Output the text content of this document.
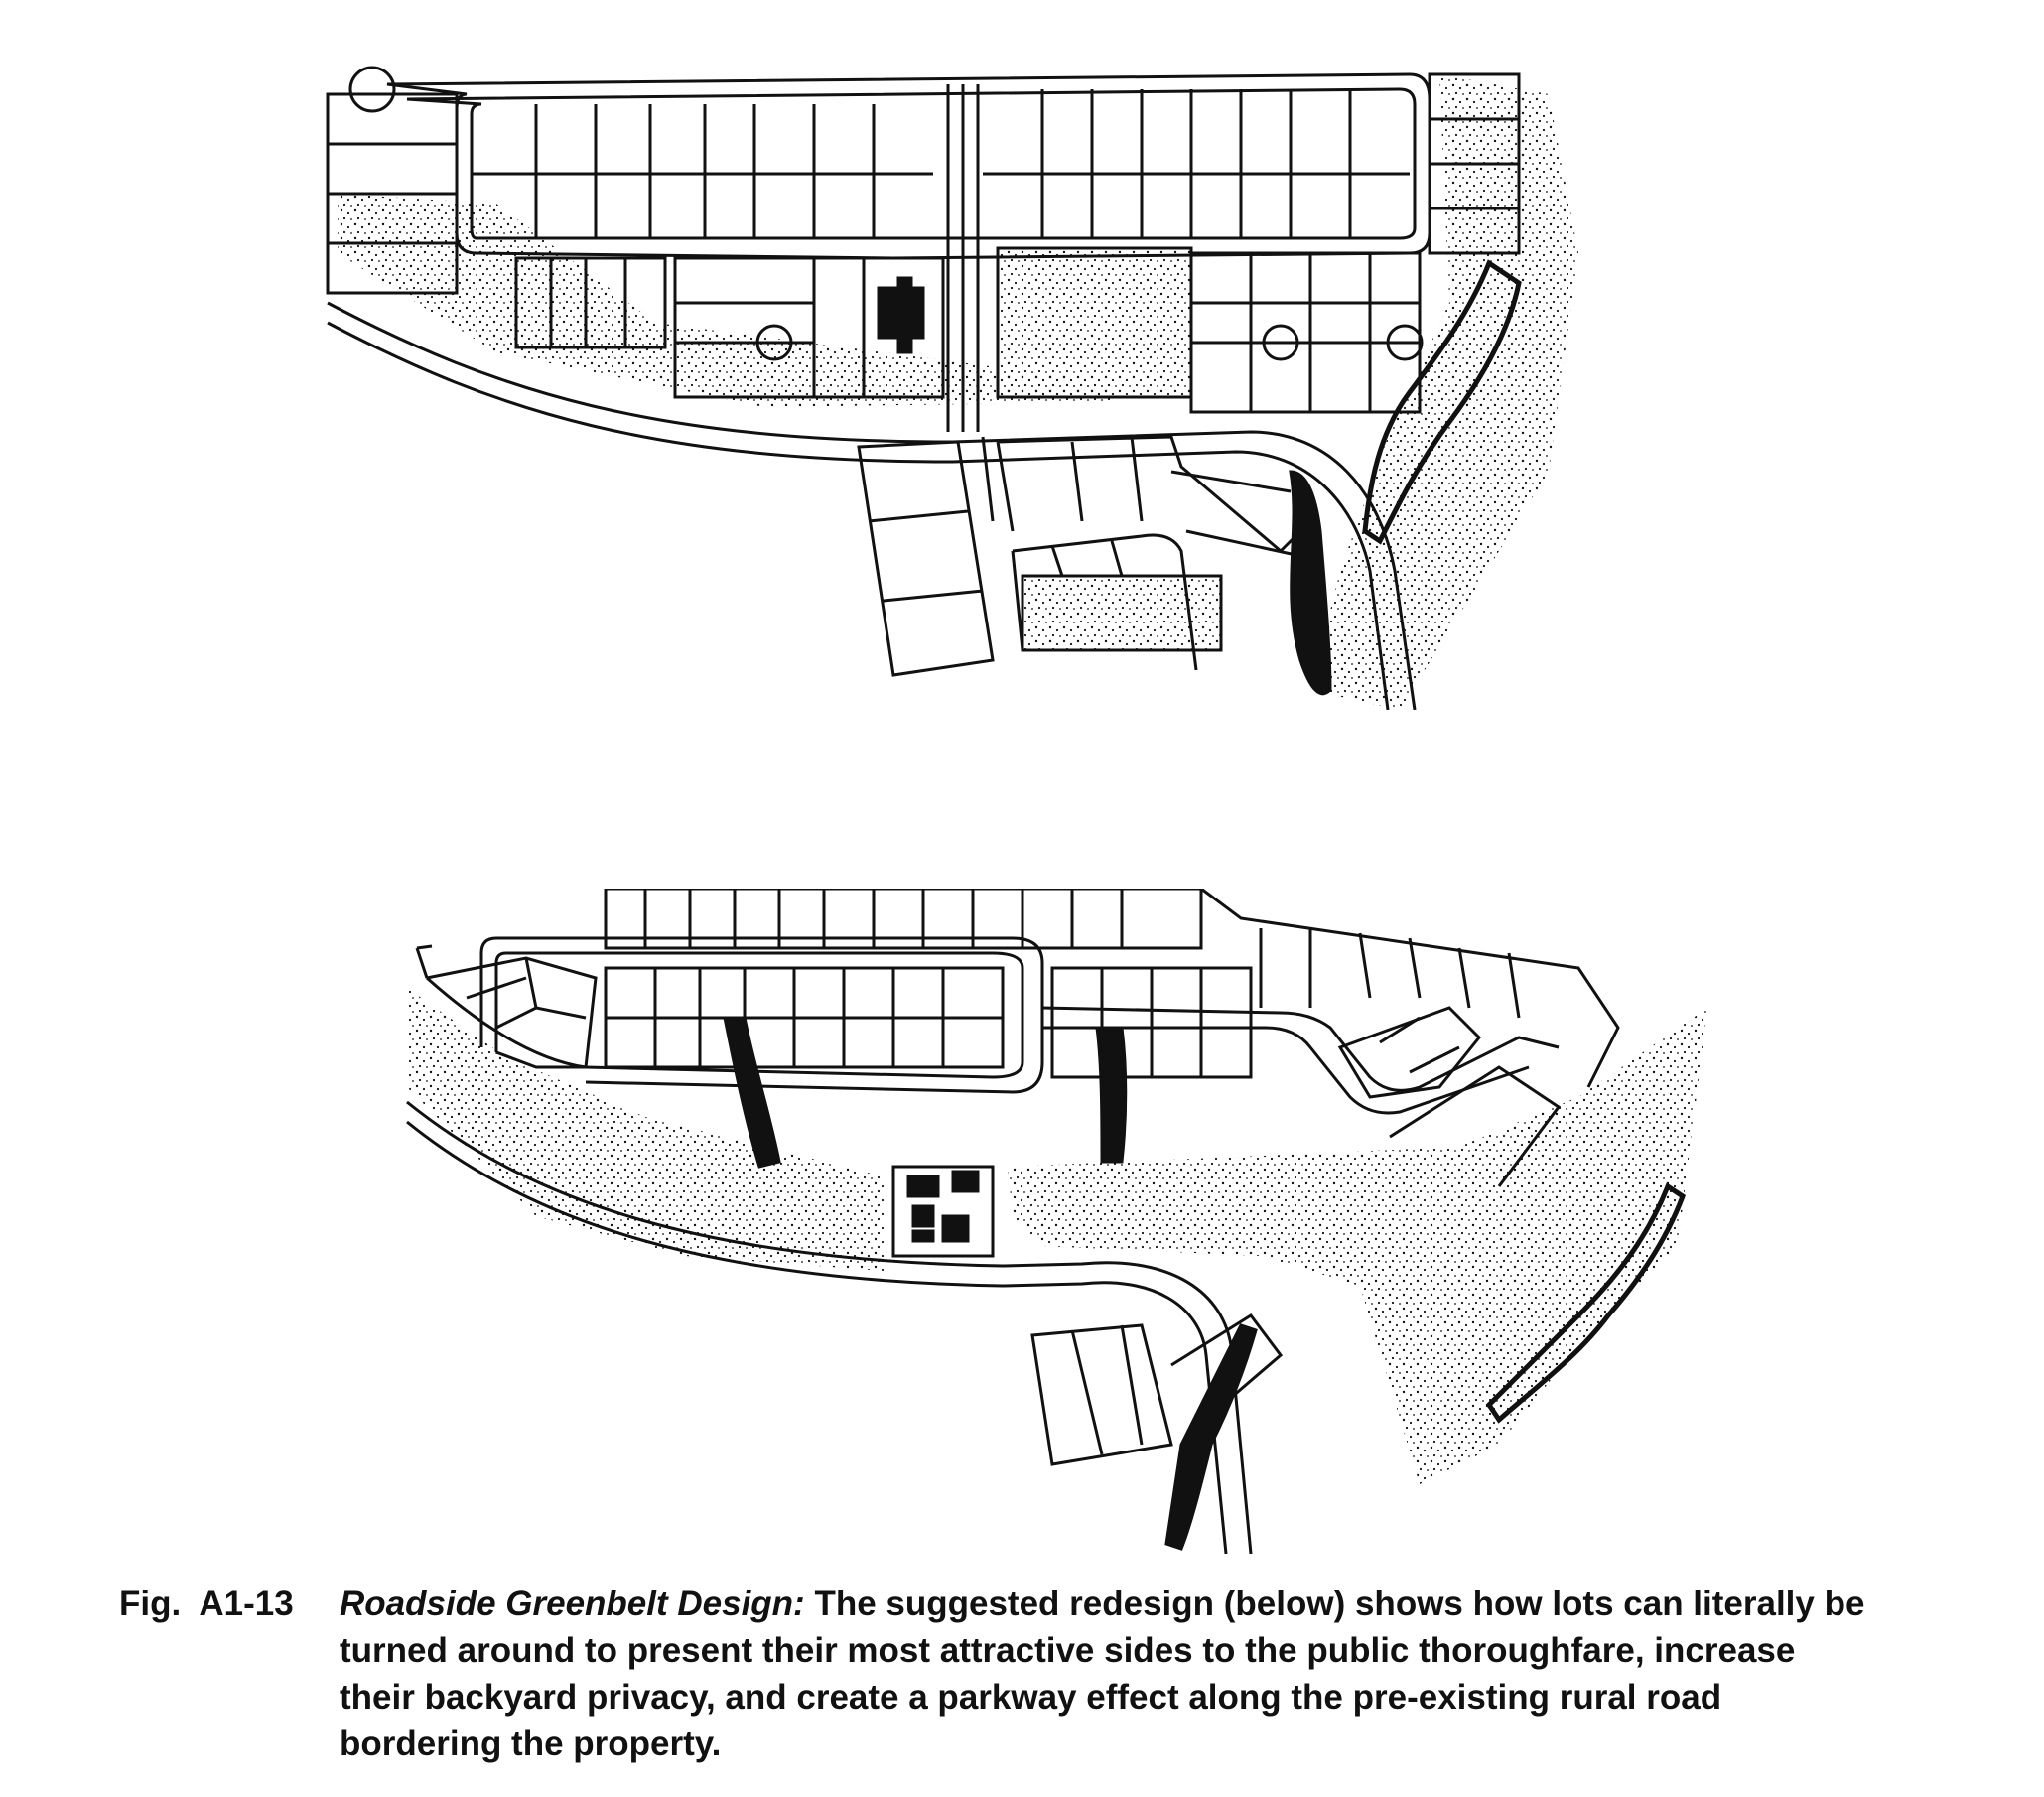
Fig.  A1-13	Roadside Greenbelt Design: The suggested redesign (below) shows how lots can literally be
turned around to present their most attractive sides to the public thoroughfare, increase
their backyard privacy, and create a parkway effect along the pre-existing rural road
bordering the property.
